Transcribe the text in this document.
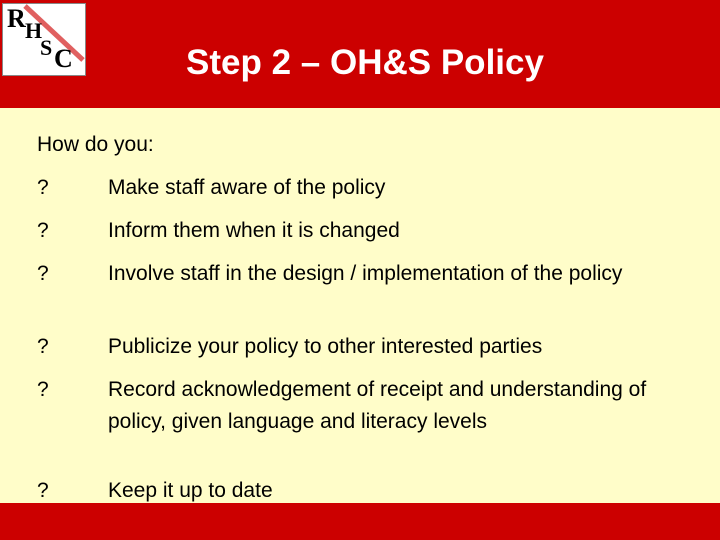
R H
S C	Step 2 – OH&S Policy
How do you:
?	Make staff aware of the policy
?	Inform them when it is changed
?	Involve staff in the design / implementation of the policy
?	Publicize your policy to other interested parties
?	Record acknowledgement of receipt and understanding of policy, given language and literacy levels
?	Keep it up to date
